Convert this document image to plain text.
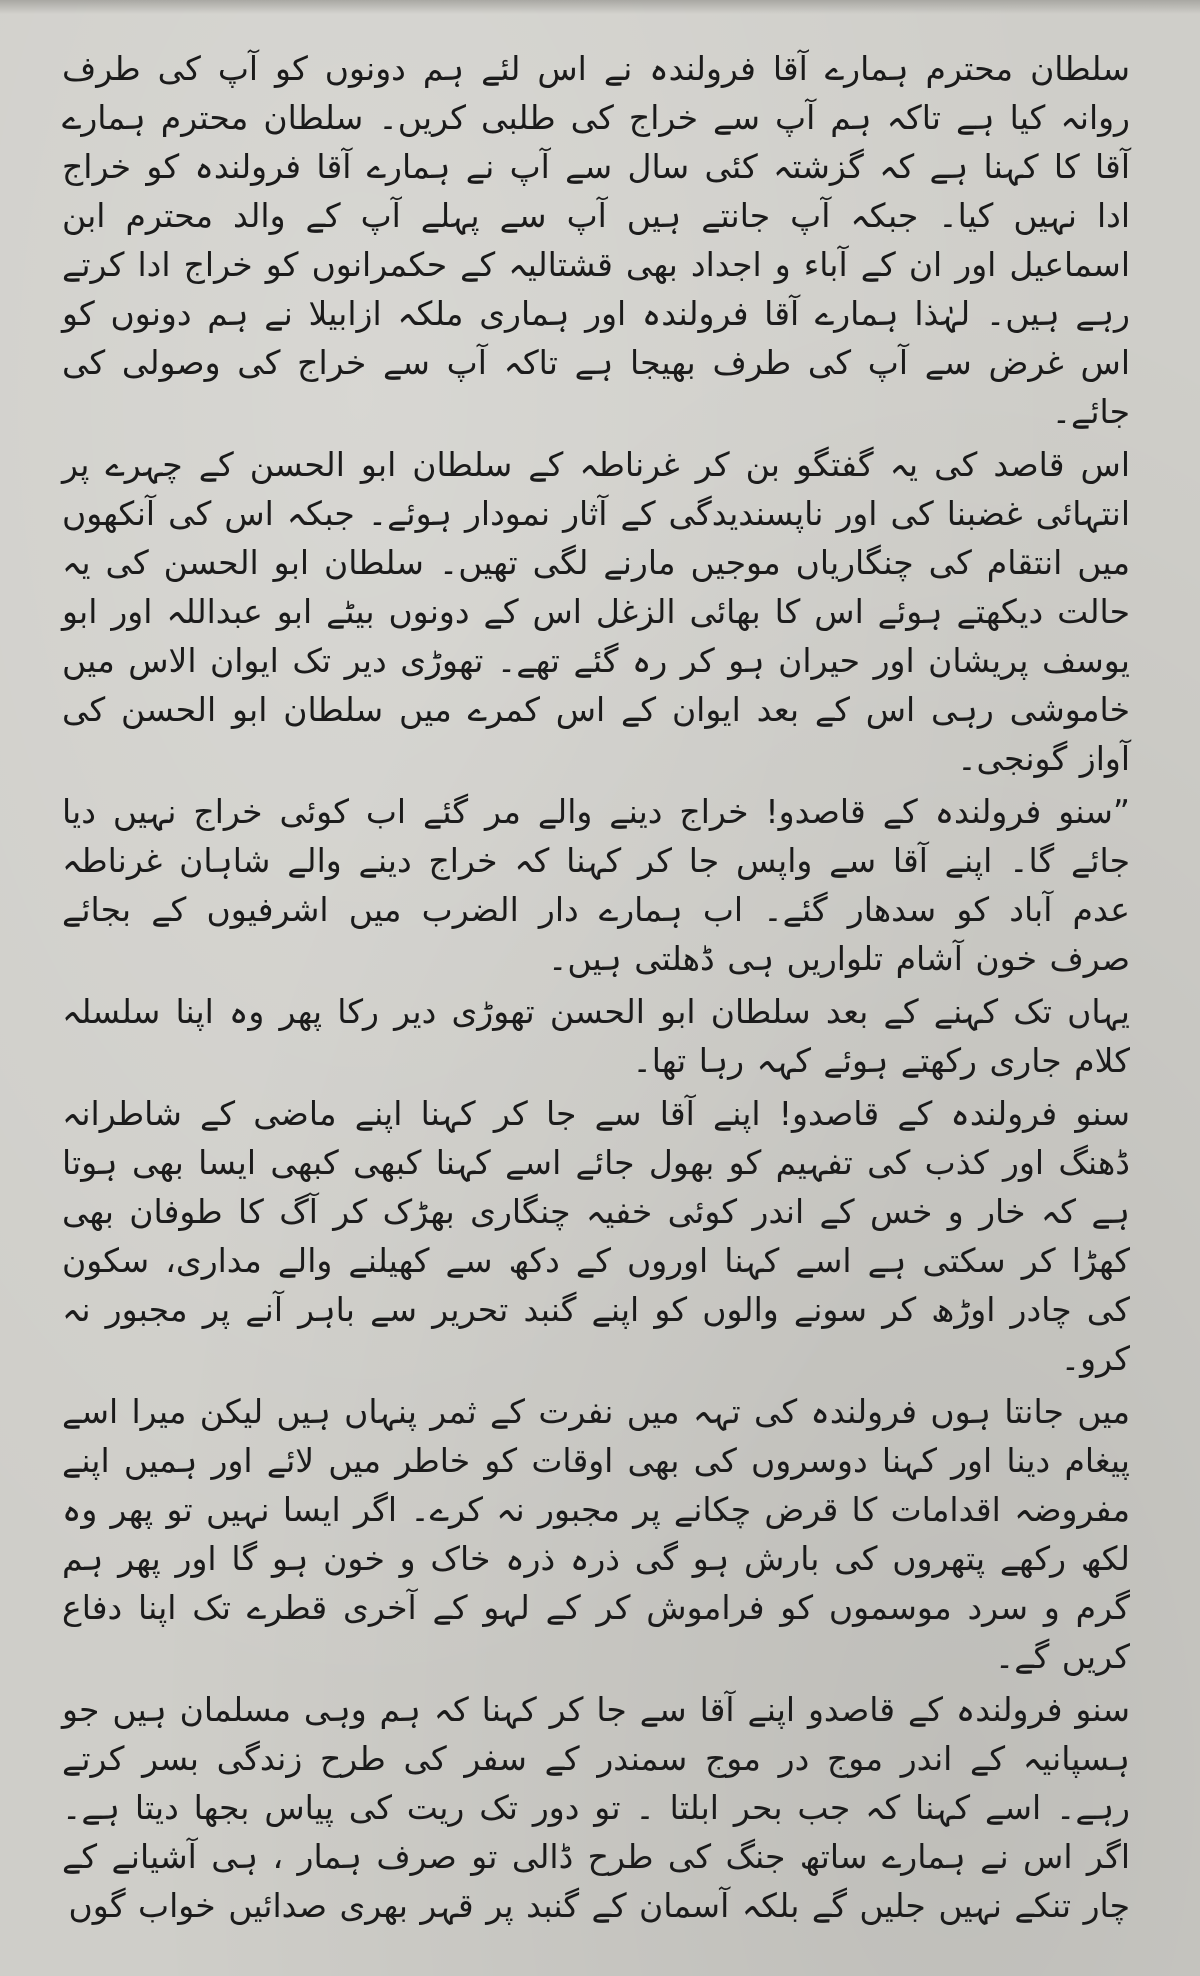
سلطان محترم ہمارے آقا فرولندہ نے اس لئے ہم دونوں کو آپ کی طرف روانہ کیا ہے تاکہ ہم آپ سے خراج کی طلبی کریں۔ سلطان محترم ہمارے آقا کا کہنا ہے کہ گزشتہ کئی سال سے آپ نے ہمارے آقا فرولندہ کو خراج ادا نہیں کیا۔ جبکہ آپ جانتے ہیں آپ سے پہلے آپ کے والد محترم ابن اسماعیل اور ان کے آباء و اجداد بھی قشتالیہ کے حکمرانوں کو خراج ادا کرتے رہے ہیں۔ لہٰذا ہمارے آقا فرولندہ اور ہماری ملکہ ازابیلا نے ہم دونوں کو اس غرض سے آپ کی طرف بھیجا ہے تاکہ آپ سے خراج کی وصولی کی جائے۔

اس قاصد کی یہ گفتگو بن کر غرناطہ کے سلطان ابو الحسن کے چہرے پر انتہائی غضبنا کی اور ناپسندیدگی کے آثار نمودار ہوئے۔ جبکہ اس کی آنکھوں میں انتقام کی چنگاریاں موجیں مارنے لگی تھیں۔ سلطان ابو الحسن کی یہ حالت دیکھتے ہوئے اس کا بھائی الزغل اس کے دونوں بیٹے ابو عبداللہ اور ابو یوسف پریشان اور حیران ہو کر رہ گئے تھے۔ تھوڑی دیر تک ایوان الاس میں خاموشی رہی اس کے بعد ایوان کے اس کمرے میں سلطان ابو الحسن کی آواز گونجی۔

”سنو فرولندہ کے قاصدو! خراج دینے والے مر گئے اب کوئی خراج نہیں دیا جائے گا۔ اپنے آقا سے واپس جا کر کہنا کہ خراج دینے والے شاہان غرناطہ عدم آباد کو سدھار گئے۔ اب ہمارے دار الضرب میں اشرفیوں کے بجائے صرف خون آشام تلواریں ہی ڈھلتی ہیں۔

یہاں تک کہنے کے بعد سلطان ابو الحسن تھوڑی دیر رکا پھر وہ اپنا سلسلہ کلام جاری رکھتے ہوئے کہہ رہا تھا۔

سنو فرولندہ کے قاصدو! اپنے آقا سے جا کر کہنا اپنے ماضی کے شاطرانہ ڈھنگ اور کذب کی تفہیم کو بھول جائے اسے کہنا کبھی کبھی ایسا بھی ہوتا ہے کہ خار و خس کے اندر کوئی خفیہ چنگاری بھڑک کر آگ کا طوفان بھی کھڑا کر سکتی ہے اسے کہنا اوروں کے دکھ سے کھیلنے والے مداری، سکون کی چادر اوڑھ کر سونے والوں کو اپنے گنبد تحریر سے باہر آنے پر مجبور نہ کرو۔

میں جانتا ہوں فرولندہ کی تہہ میں نفرت کے ثمر پنہاں ہیں لیکن میرا اسے پیغام دینا اور کہنا دوسروں کی بھی اوقات کو خاطر میں لائے اور ہمیں اپنے مفروضہ اقدامات کا قرض چکانے پر مجبور نہ کرے۔ اگر ایسا نہیں تو پھر وہ لکھ رکھے پتھروں کی بارش ہو گی ذرہ ذرہ خاک و خون ہو گا اور پھر ہم گرم و سرد موسموں کو فراموش کر کے لہو کے آخری قطرے تک اپنا دفاع کریں گے۔

سنو فرولندہ کے قاصدو اپنے آقا سے جا کر کہنا کہ ہم وہی مسلمان ہیں جو ہسپانیہ کے اندر موج در موج سمندر کے سفر کی طرح زندگی بسر کرتے رہے۔ اسے کہنا کہ جب بحر ابلتا ۔ تو دور تک ریت کی پیاس بجھا دیتا ہے۔ اگر اس نے ہمارے ساتھ جنگ کی طرح ڈالی تو صرف ہمار ، ہی آشیانے کے چار تنکے نہیں جلیں گے بلکہ آسمان کے گنبد پر قہر بھری صدائیں خواب گوں
